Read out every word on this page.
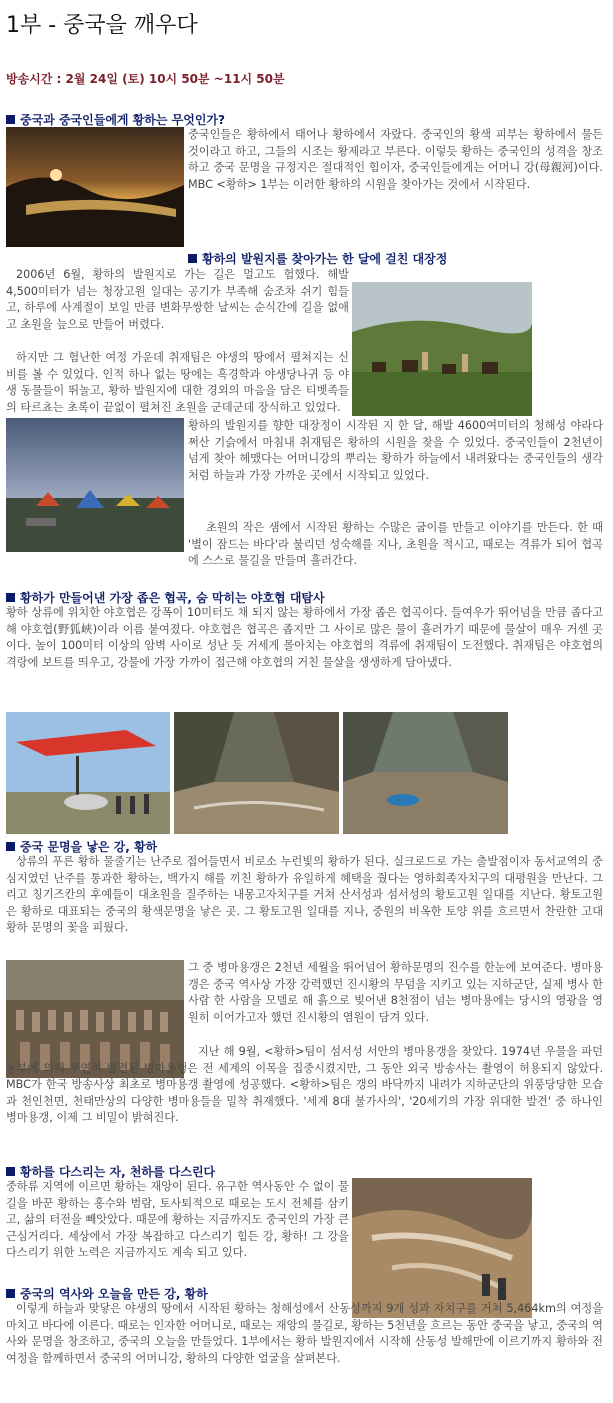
1부 - 중국을 깨우다
방송시간 : 2월 24일 (토) 10시 50분 ~11시 50분
중국과 중국인들에게 황하는 무엇인가?
중국인들은 황하에서 태어나 황하에서 자랐다. 중국인의 황색 피부는 황하에서 물든 것이라고 하고, 그들의 시조는 황제라고 부른다. 이렇듯 황하는 중국인의 성격을 창조하고 중국 문명을 규정지은 절대적인 힘이자, 중국인들에게는 어머니 강(母親河)이다. MBC <황하> 1부는 이러한 황하의 시원을 찾아가는 것에서 시작된다.
황하의 발원지를 찾아가는 한 달에 걸친 대장정
2006년 6월, 황하의 발원지로 가는 길은 멀고도 험했다. 해발 4,500미터가 넘는 청장고원 일대는 공기가 부족해 숨조차 쉬기 힘들고, 하루에 사계절이 보일 만큼 변화무쌍한 날씨는 순식간에 길을 없애고 초원을 늪으로 만들어 버렸다.
하지만 그 험난한 여정 가운데 취재팀은 야생의 땅에서 펼쳐지는 신비를 볼 수 있었다. 인적 하나 없는 땅에는 흑경학과 야생당나귀 등 야생 동물들이 뛰놀고, 황하 발원지에 대한 경외의 마음을 담은 티벳족들의 타르쵸는 초록이 끝없이 펼쳐진 초원을 군데군데 장식하고 있었다.
황하의 발원지를 향한 대장정이 시작된 지 한 달, 해발 4600여미터의 청해성 야라다쩌산 기슭에서 마침내 취재팀은 황하의 시원을 찾을 수 있었다. 중국인들이 2천년이 넘게 찾아 헤맸다는 어머니강의 뿌리는 황하가 하늘에서 내려왔다는 중국인들의 생각처럼 하늘과 가장 가까운 곳에서 시작되고 있었다.
초원의 작은 샘에서 시작된 황하는 수많은 굽이를 만들고 이야기를 만든다. 한 때 '별이 잠드는 바다'라 불리던 성숙해를 지나, 초원을 적시고, 때로는 격류가 되어 협곡에 스스로 물길을 만들며 흘러간다.
황하가 만들어낸 가장 좁은 협곡, 숨 막히는 야호협 대탐사
황하 상류에 위치한 야호협은 강폭이 10미터도 채 되지 않는 황하에서 가장 좁은 협곡이다. 들여우가 뛰어넘을 만큼 좁다고 해 야호협(野狐峽)이라 이름 붙여졌다. 야호협은 협곡은 좁지만 그 사이로 많은 물이 흘러가기 때문에 물살이 매우 거센 곳이다. 높이 100미터 이상의 암벽 사이로 성난 듯 거세게 몰아치는 야호협의 격류에 취재팀이 도전했다. 취재팀은 야호협의 격랑에 보트를 띄우고, 강물에 가장 가까이 접근해 야호협의 거친 물살을 생생하게 담아냈다.
중국 문명을 낳은 강, 황하
상류의 푸른 황하 물줄기는 난주로 접어들면서 비로소 누런빛의 황하가 된다. 실크로드로 가는 출발점이자 동서교역의 중심지였던 난주를 통과한 황하는, 백가지 해를 끼친 황하가 유일하게 혜택을 줬다는 영하회족자치구의 대평원을 만난다. 그리고 칭기즈칸의 후예들이 대초원을 질주하는 내몽고자치구를 거쳐 산서성과 섬서성의 황토고원 일대를 지난다. 황토고원은 황하로 대표되는 중국의 황색문명을 낳은 곳. 그 황토고원 일대를 지나, 중원의 비옥한 토양 위를 흐르면서 찬란한 고대 황하 문명의 꽃을 피웠다.
그 중 병마용갱은 2천년 세월을 뛰어넘어 황하문명의 진수를 한눈에 보여준다. 병마용갱은 중국 역사상 가장 강력했던 진시황의 무덤을 지키고 있는 지하군단, 실제 병사 한 사람 한 사람을 모델로 해 흙으로 빚어낸 8천점이 넘는 병마용에는 당시의 영광을 영원히 이어가고자 했던 진시황의 염원이 담겨 있다.
지난 해 9월, <황하>팀이 섬서성 서안의 병마용갱을 찾았다. 1974년 우물을 파던 농부에 의해 우연히 발견된 병마용갱은 전 세계의 이목을 집중시켰지만, 그 동안 외국 방송사는 촬영이 허용되지 않았다. MBC가 한국 방송사상 최초로 병마용갱 촬영에 성공했다. <황하>팀은 갱의 바닥까지 내려가 지하군단의 위풍당당한 모습과 천인천면, 천태만상의 다양한 병마용들을 밀착 취재했다. '세계 8대 불가사의', '20세기의 가장 위대한 발견' 중 하나인 병마용갱, 이제 그 비밀이 밝혀진다.
황하를 다스리는 자, 천하를 다스린다
중하류 지역에 이르면 황하는 재앙이 된다. 유구한 역사동안 수 없이 물길을 바꾼 황하는 홍수와 범람, 토사퇴적으로 때로는 도시 전체를 삼키고, 삶의 터전을 빼앗았다. 때문에 황하는 지금까지도 중국인의 가장 큰 근심거리다. 세상에서 가장 복잡하고 다스리기 힘든 강, 황하! 그 강을 다스리기 위한 노력은 지금까지도 계속 되고 있다.
중국의 역사와 오늘을 만든 강, 황하
이렇게 하늘과 맞닿은 야생의 땅에서 시작된 황하는 청해성에서 산동성까지 9개 성과 자치구를 거쳐 5,464km의 여정을 마치고 바다에 이른다. 때로는 인자한 어머니로, 때로는 재앙의 물길로, 황하는 5천년을 흐르는 동안 중국을 낳고, 중국의 역사와 문명을 창조하고, 중국의 오늘을 만들었다. 1부에서는 황하 발원지에서 시작해 산동성 발해만에 이르기까지 황하와 전 여정을 함께하면서 중국의 어머니강, 황하의 다양한 얼굴을 살펴본다.
